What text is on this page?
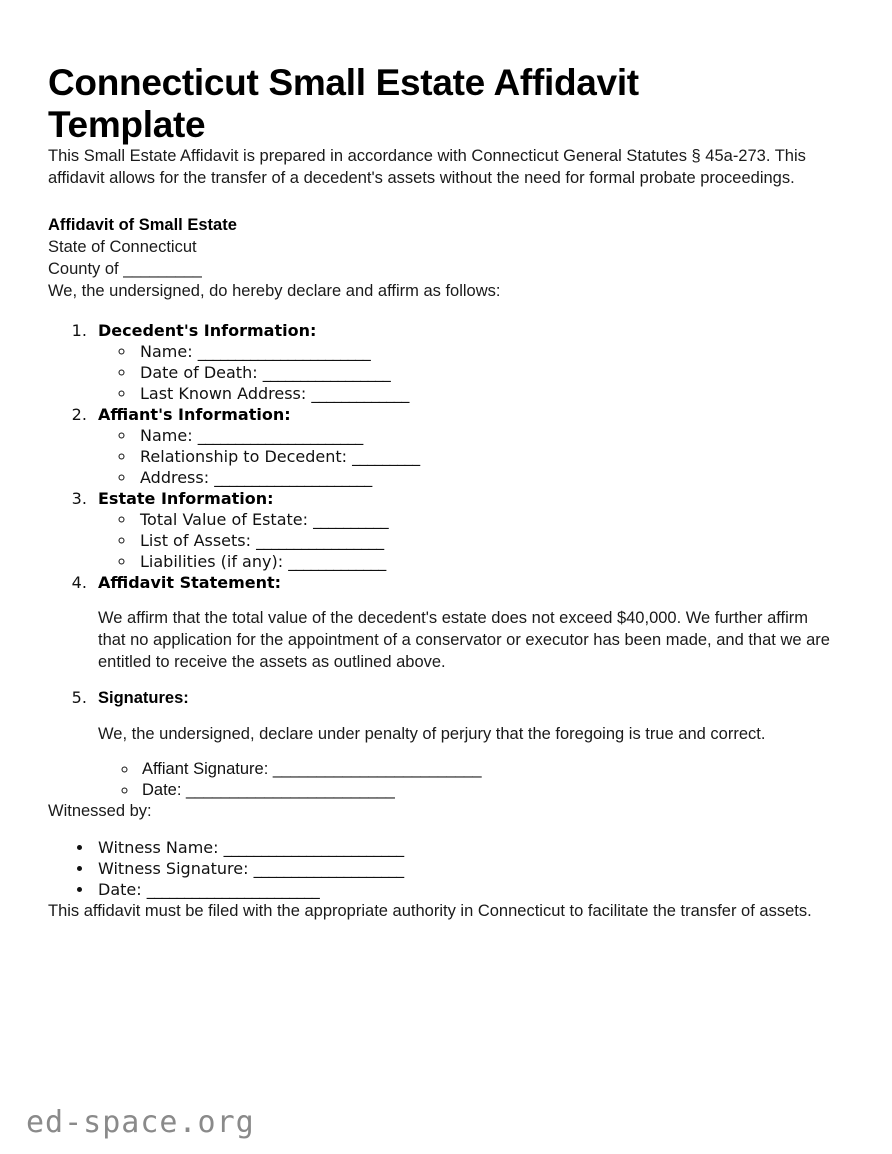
Connecticut Small Estate Affidavit Template

This Small Estate Affidavit is prepared in accordance with Connecticut General Statutes § 45a-273. This affidavit allows for the transfer of a decedent's assets without the need for formal probate proceedings.

Affidavit of Small Estate

State of Connecticut

County of _________

We, the undersigned, do hereby declare and affirm as follows:

1. Decedent's Information:
◦ Name: _______________________
◦ Date of Death: _________________
◦ Last Known Address: _____________
2. Affiant's Information:
◦ Name: ______________________
◦ Relationship to Decedent: _________
◦ Address: _____________________
3. Estate Information:
◦ Total Value of Estate: __________
◦ List of Assets: _________________
◦ Liabilities (if any): _____________
4. Affidavit Statement:

We affirm that the total value of the decedent's estate does not exceed $40,000. We further affirm that no application for the appointment of a conservator or executor has been made, and that we are entitled to receive the assets as outlined above.

5. Signatures:

We, the undersigned, declare under penalty of perjury that the foregoing is true and correct.

◦ Affiant Signature: ________________________
◦ Date: ________________________

Witnessed by:

• Witness Name: ________________________
• Witness Signature: ____________________
• Date: _______________________

This affidavit must be filed with the appropriate authority in Connecticut to facilitate the transfer of assets.

ed-space.org
